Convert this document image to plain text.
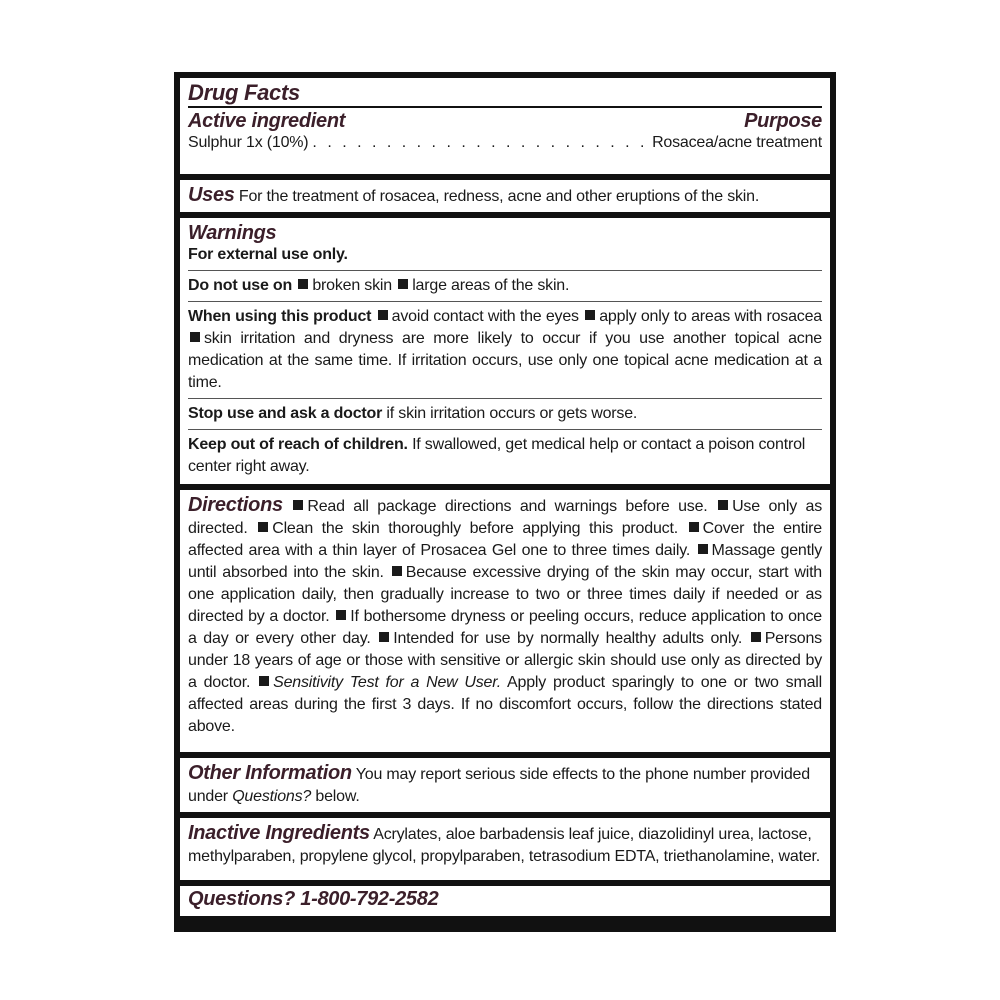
Drug Facts
Active ingredient	Purpose
Sulphur 1x (10%)
. . .	Rosacea/acne treatment
Uses For the treatment of rosacea, redness, acne and other eruptions of the skin.
Warnings
For external use only.
Do not use on broken skin large areas of the skin.
When using this product avoid contact with the eyes apply only to areas with rosacea skin irritation and dryness are more likely to occur if you use another topical acne medication at the same time. If irritation occurs, use only one topical acne medication at a time.
Stop use and ask a doctor if skin irritation occurs or gets worse.
Keep out of reach of children. If swallowed, get medical help or contact a poison control center right away.
Directions Read all package directions and warnings before use. Use only as directed. Clean the skin thoroughly before applying this product. Cover the entire affected area with a thin layer of Prosacea Gel one to three times daily. Massage gently until absorbed into the skin. Because excessive drying of the skin may occur, start with one application daily, then gradually increase to two or three times daily if needed or as directed by a doctor. If bothersome dryness or peeling occurs, reduce application to once a day or every other day. Intended for use by normally healthy adults only. Persons under 18 years of age or those with sensitive or allergic skin should use only as directed by a doctor. Sensitivity Test for a New User. Apply product sparingly to one or two small affected areas during the first 3 days. If no discomfort occurs, follow the directions stated above.
Other Information You may report serious side effects to the phone number provided under Questions? below.
Inactive Ingredients Acrylates, aloe barbadensis leaf juice, diazolidinyl urea, lactose, methylparaben, propylene glycol, propylparaben, tetrasodium EDTA, triethanolamine, water.
Questions? 1-800-792-2582
